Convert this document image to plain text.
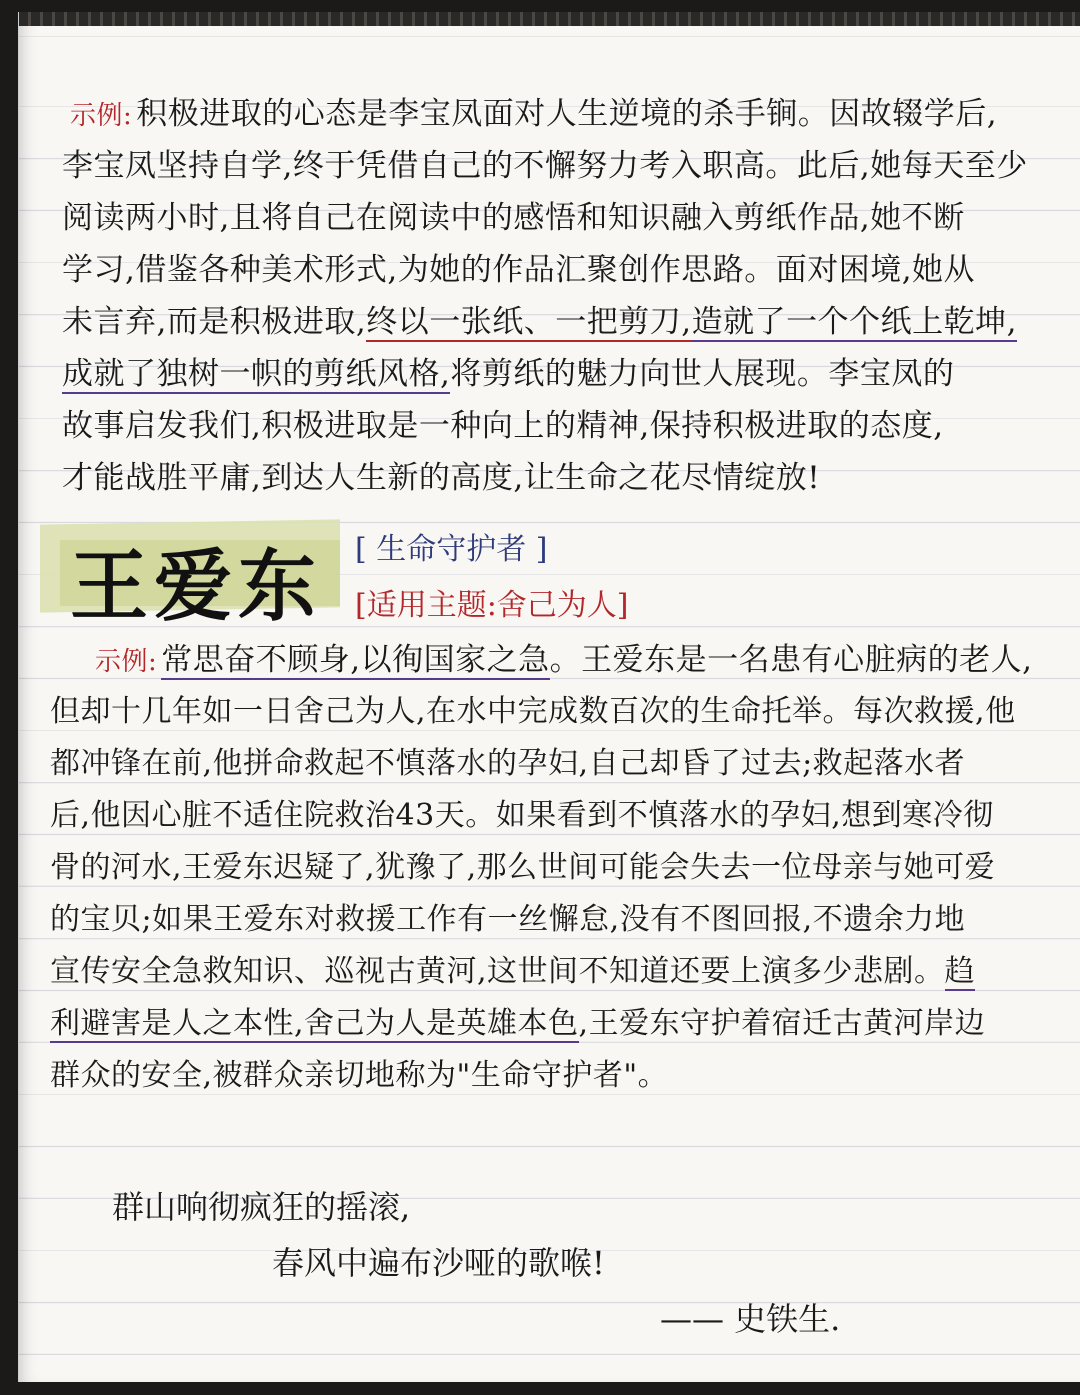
示例: 积极进取的心态是李宝凤面对人生逆境的杀手锏。因故辍学后,
李宝凤坚持自学,终于凭借自己的不懈努力考入职高。此后,她每天至少
阅读两小时,且将自己在阅读中的感悟和知识融入剪纸作品,她不断
学习,借鉴各种美术形式,为她的作品汇聚创作思路。面对困境,她从
未言弃,而是积极进取,终以一张纸、一把剪刀,造就了一个个纸上乾坤,
成就了独树一帜的剪纸风格,将剪纸的魅力向世人展现。李宝凤的
故事启发我们,积极进取是一种向上的精神,保持积极进取的态度,
才能战胜平庸,到达人生新的高度,让生命之花尽情绽放!
王爱东 [ 生命守护者 ]
[适用主题:舍己为人]
示例: 常思奋不顾身,以徇国家之急。王爱东是一名患有心脏病的老人,
但却十几年如一日舍己为人,在水中完成数百次的生命托举。每次救援,他
都冲锋在前,他拼命救起不慎落水的孕妇,自己却昏了过去;救起落水者
后,他因心脏不适住院救治43天。如果看到不慎落水的孕妇,想到寒冷彻
骨的河水,王爱东迟疑了,犹豫了,那么世间可能会失去一位母亲与她可爱
的宝贝;如果王爱东对救援工作有一丝懈怠,没有不图回报,不遗余力地
宣传安全急救知识、巡视古黄河,这世间不知道还要上演多少悲剧。趋
利避害是人之本性,舍己为人是英雄本色,王爱东守护着宿迁古黄河岸边
群众的安全,被群众亲切地称为"生命守护者"。
群山响彻疯狂的摇滚,
春风中遍布沙哑的歌喉!
—— 史铁生.
